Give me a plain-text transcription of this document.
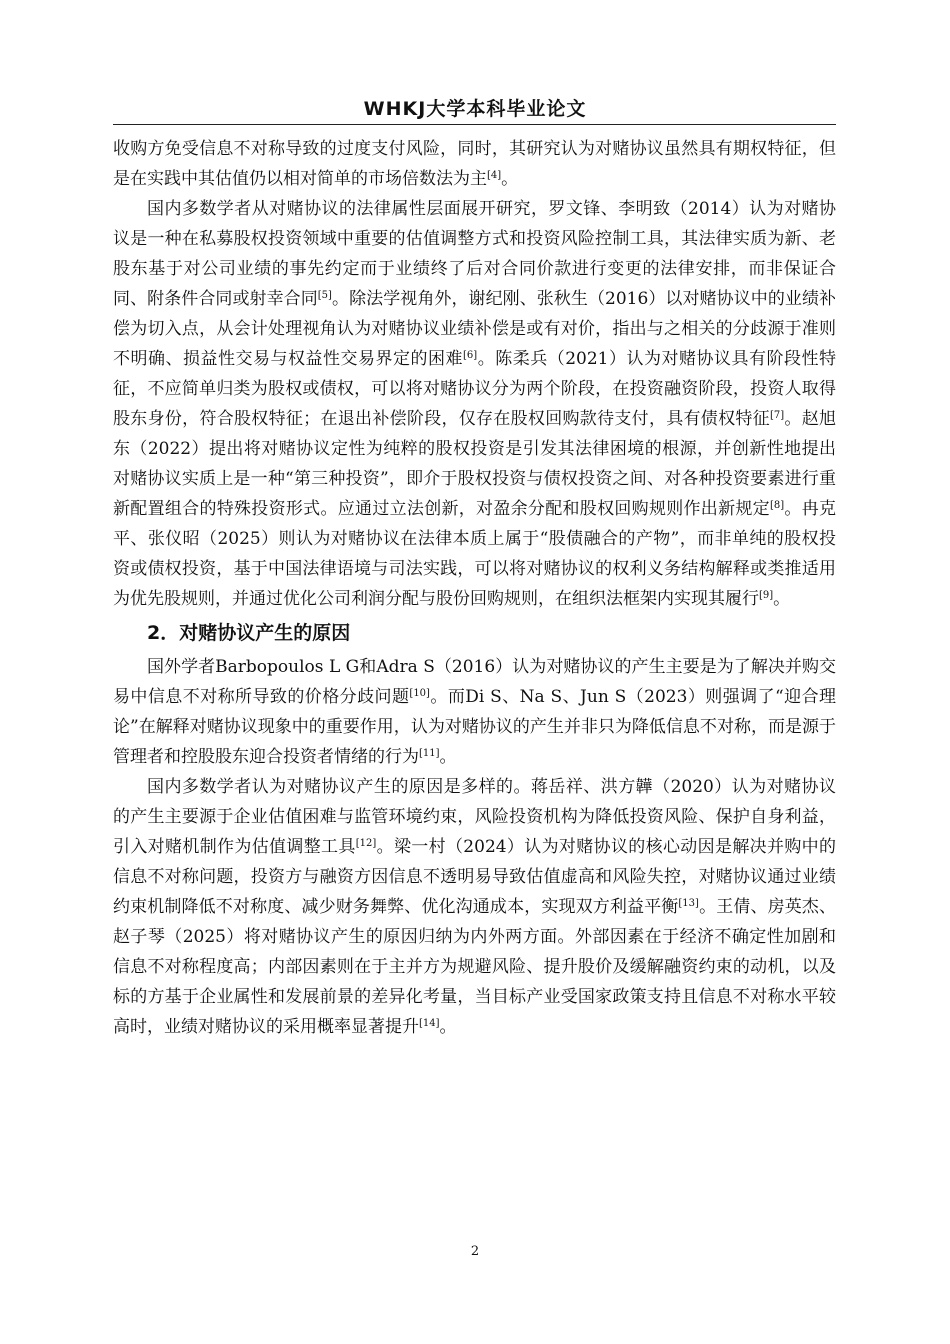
WHKJ大学本科毕业论文

收购方免受信息不对称导致的过度支付风险，同时，其研究认为对赌协议虽然具有期权特征，但是在实践中其估值仍以相对简单的市场倍数法为主[4]。

国内多数学者从对赌协议的法律属性层面展开研究，罗文锋、李明致（2014）认为对赌协议是一种在私募股权投资领域中重要的估值调整方式和投资风险控制工具，其法律实质为新、老股东基于对公司业绩的事先约定而于业绩终了后对合同价款进行变更的法律安排，而非保证合同、附条件合同或射幸合同[5]。除法学视角外，谢纪刚、张秋生（2016）以对赌协议中的业绩补偿为切入点，从会计处理视角认为对赌协议业绩补偿是或有对价，指出与之相关的分歧源于准则不明确、损益性交易与权益性交易界定的困难[6]。陈柔兵（2021）认为对赌协议具有阶段性特征，不应简单归类为股权或债权，可以将对赌协议分为两个阶段，在投资融资阶段，投资人取得股东身份，符合股权特征；在退出补偿阶段，仅存在股权回购款待支付，具有债权特征[7]。赵旭东（2022）提出将对赌协议定性为纯粹的股权投资是引发其法律困境的根源，并创新性地提出对赌协议实质上是一种“第三种投资”，即介于股权投资与债权投资之间、对各种投资要素进行重新配置组合的特殊投资形式。应通过立法创新，对盈余分配和股权回购规则作出新规定[8]。冉克平、张仪昭（2025）则认为对赌协议在法律本质上属于“股债融合的产物”，而非单纯的股权投资或债权投资，基于中国法律语境与司法实践，可以将对赌协议的权利义务结构解释或类推适用为优先股规则，并通过优化公司利润分配与股份回购规则，在组织法框架内实现其履行[9]。

2．对赌协议产生的原因

国外学者Barbopoulos L G和Adra S（2016）认为对赌协议的产生主要是为了解决并购交易中信息不对称所导致的价格分歧问题[10]。而Di S、Na S、Jun S（2023）则强调了“迎合理论”在解释对赌协议现象中的重要作用，认为对赌协议的产生并非只为降低信息不对称，而是源于管理者和控股股东迎合投资者情绪的行为[11]。

国内多数学者认为对赌协议产生的原因是多样的。蒋岳祥、洪方韡（2020）认为对赌协议的产生主要源于企业估值困难与监管环境约束，风险投资机构为降低投资风险、保护自身利益，引入对赌机制作为估值调整工具[12]。梁一村（2024）认为对赌协议的核心动因是解决并购中的信息不对称问题，投资方与融资方因信息不透明易导致估值虚高和风险失控，对赌协议通过业绩约束机制降低不对称度、减少财务舞弊、优化沟通成本，实现双方利益平衡[13]。王倩、房英杰、赵子琴（2025）将对赌协议产生的原因归纳为内外两方面。外部因素在于经济不确定性加剧和信息不对称程度高；内部因素则在于主并方为规避风险、提升股价及缓解融资约束的动机，以及标的方基于企业属性和发展前景的差异化考量，当目标产业受国家政策支持且信息不对称水平较高时，业绩对赌协议的采用概率显著提升[14]。

2
